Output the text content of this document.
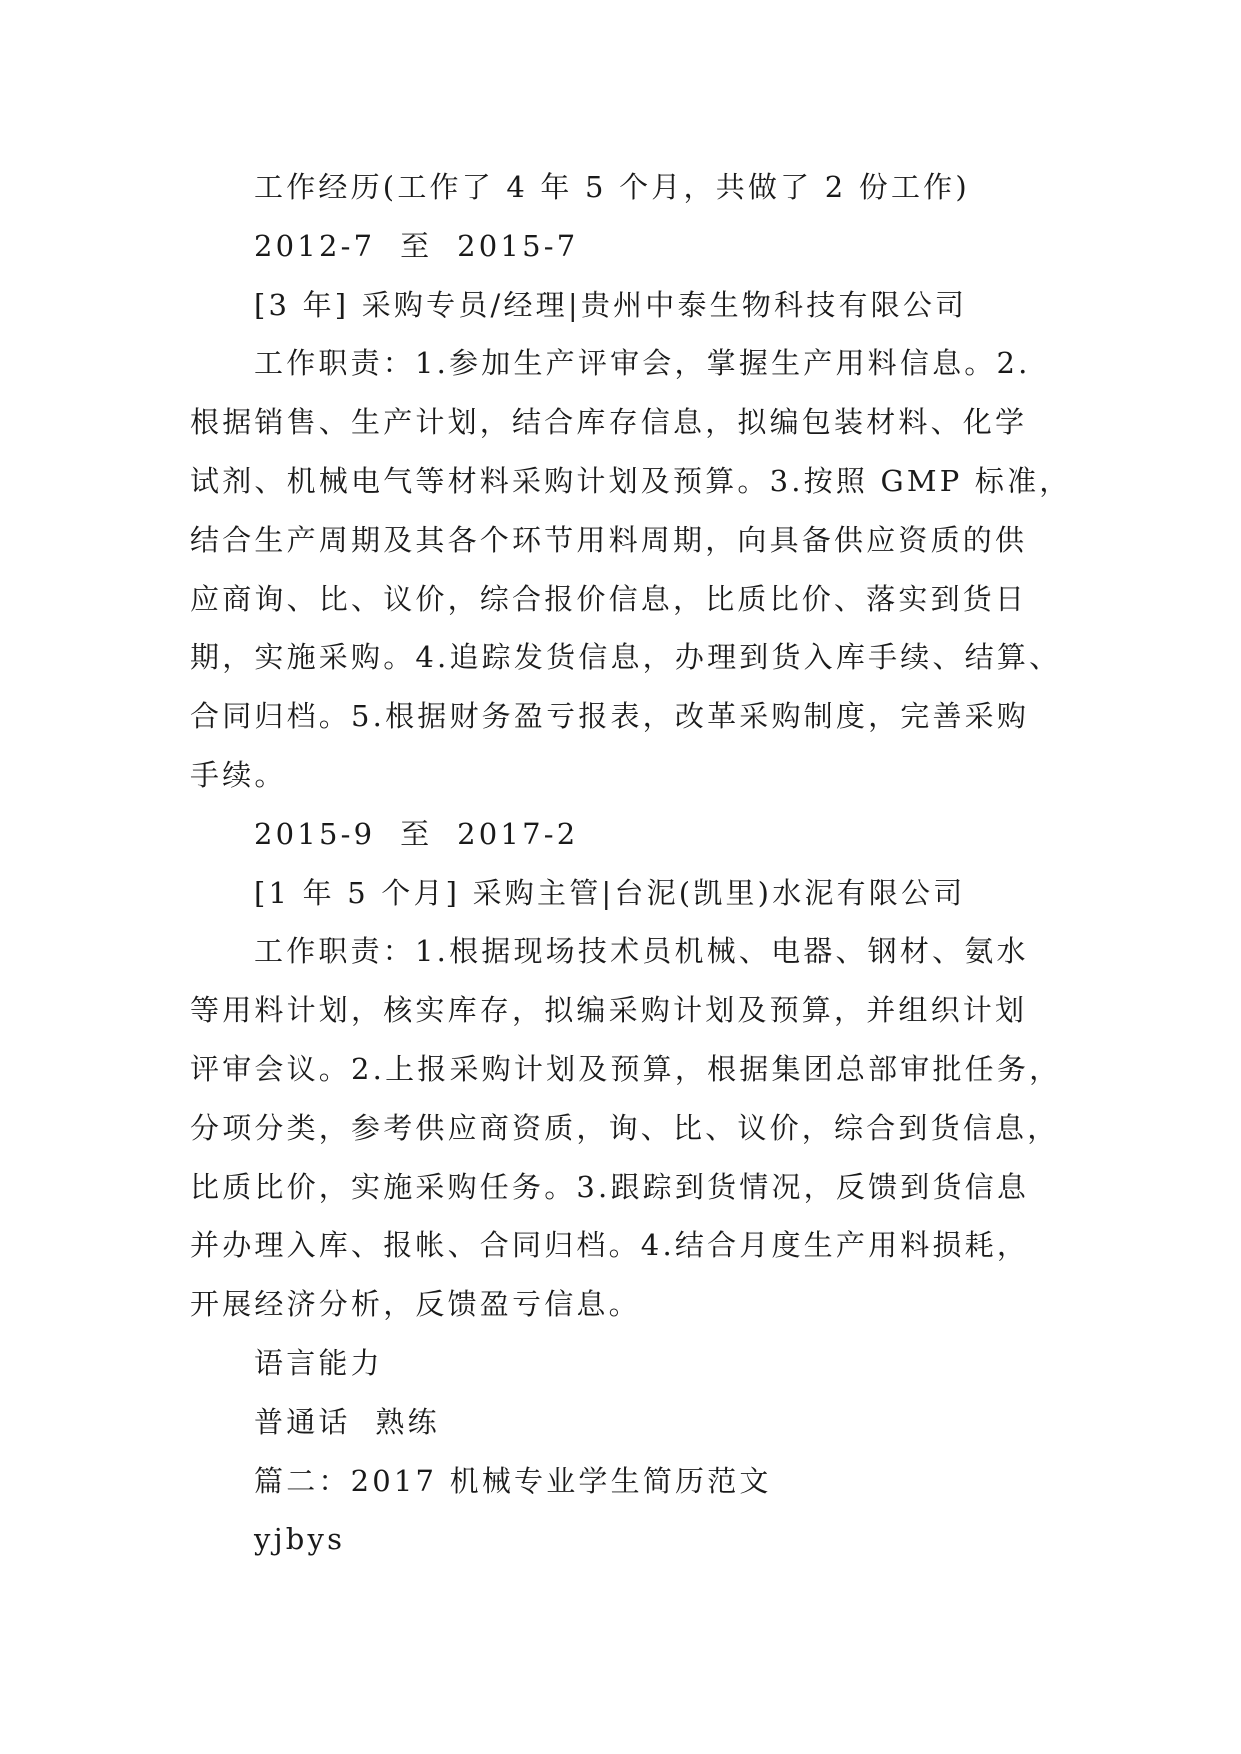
工作经历(工作了 4 年 5 个月，共做了 2 份工作)
2012-7  至  2015-7
[3 年] 采购专员/经理|贵州中泰生物科技有限公司
工作职责：1.参加生产评审会，掌握生产用料信息。2.
根据销售、生产计划，结合库存信息，拟编包装材料、化学
试剂、机械电气等材料采购计划及预算。3.按照 GMP 标准，
结合生产周期及其各个环节用料周期，向具备供应资质的供
应商询、比、议价，综合报价信息，比质比价、落实到货日
期，实施采购。4.追踪发货信息，办理到货入库手续、结算、
合同归档。5.根据财务盈亏报表，改革采购制度，完善采购
手续。
2015-9  至  2017-2
[1 年 5 个月] 采购主管|台泥(凯里)水泥有限公司
工作职责：1.根据现场技术员机械、电器、钢材、氨水
等用料计划，核实库存，拟编采购计划及预算，并组织计划
评审会议。2.上报采购计划及预算，根据集团总部审批任务，
分项分类，参考供应商资质，询、比、议价，综合到货信息，
比质比价，实施采购任务。3.跟踪到货情况，反馈到货信息
并办理入库、报帐、合同归档。4.结合月度生产用料损耗，
开展经济分析，反馈盈亏信息。
语言能力
普通话  熟练
篇二：2017 机械专业学生简历范文
yjbys
